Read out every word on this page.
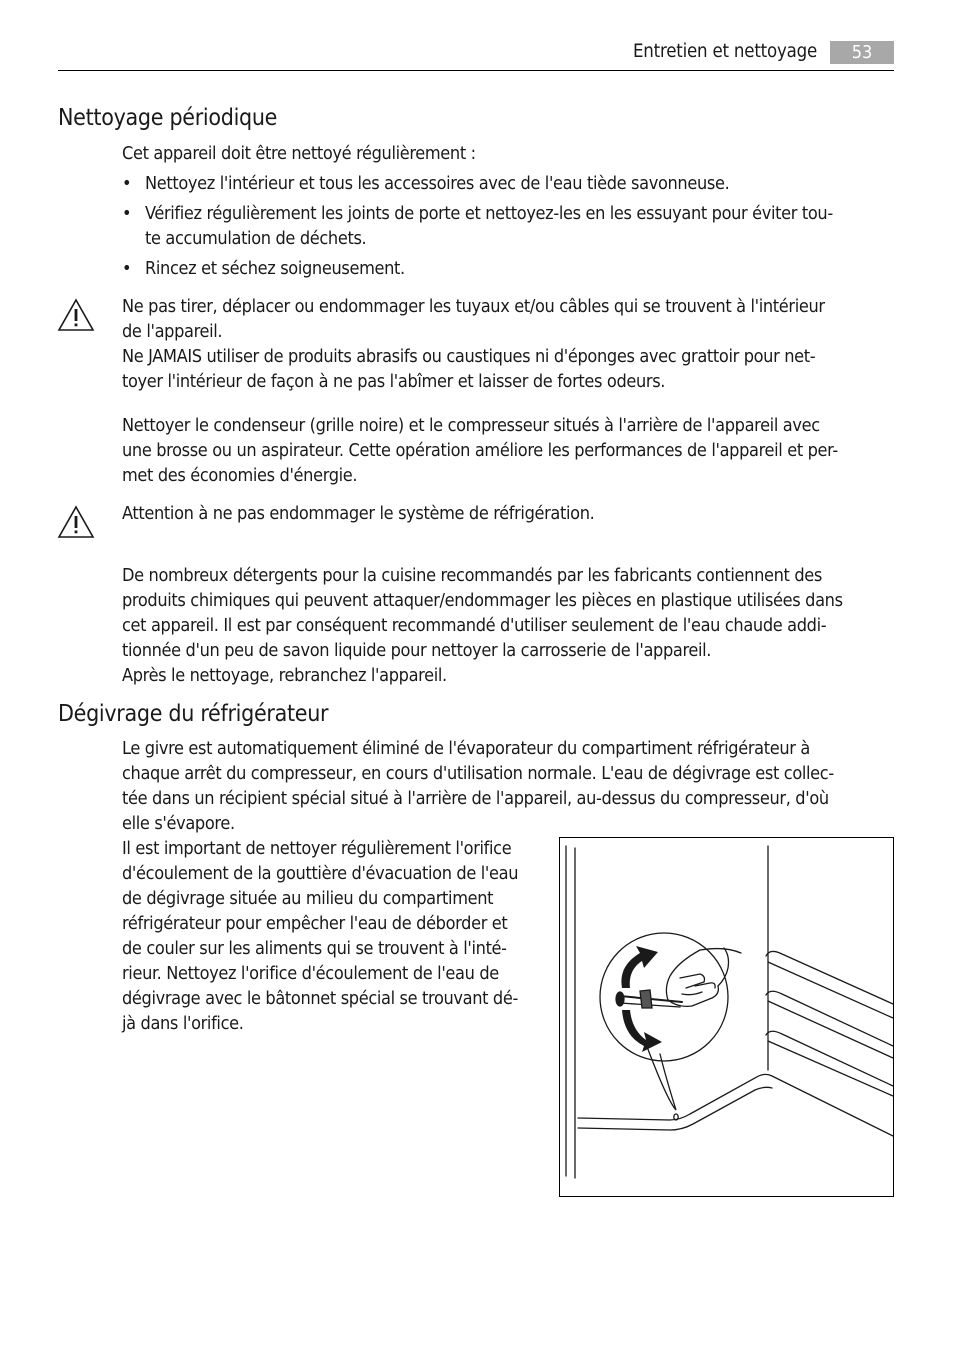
Entretien et nettoyage	53
Nettoyage périodique
Cet appareil doit être nettoyé régulièrement :
• Nettoyez l'intérieur et tous les accessoires avec de l'eau tiède savonneuse.
• Vérifiez régulièrement les joints de porte et nettoyez-les en les essuyant pour éviter tou-
te accumulation de déchets.
• Rincez et séchez soigneusement.
Ne pas tirer, déplacer ou endommager les tuyaux et/ou câbles qui se trouvent à l'intérieur
de l'appareil.
Ne JAMAIS utiliser de produits abrasifs ou caustiques ni d'éponges avec grattoir pour net-
toyer l'intérieur de façon à ne pas l'abîmer et laisser de fortes odeurs.
Nettoyer le condenseur (grille noire) et le compresseur situés à l'arrière de l'appareil avec
une brosse ou un aspirateur. Cette opération améliore les performances de l'appareil et per-
met des économies d'énergie.
Attention à ne pas endommager le système de réfrigération.
De nombreux détergents pour la cuisine recommandés par les fabricants contiennent des
produits chimiques qui peuvent attaquer/endommager les pièces en plastique utilisées dans
cet appareil. Il est par conséquent recommandé d'utiliser seulement de l'eau chaude addi-
tionnée d'un peu de savon liquide pour nettoyer la carrosserie de l'appareil.
Après le nettoyage, rebranchez l'appareil.
Dégivrage du réfrigérateur
Le givre est automatiquement éliminé de l'évaporateur du compartiment réfrigérateur à
chaque arrêt du compresseur, en cours d'utilisation normale. L'eau de dégivrage est collec-
tée dans un récipient spécial situé à l'arrière de l'appareil, au-dessus du compresseur, d'où
elle s'évapore.
Il est important de nettoyer régulièrement l'orifice
d'écoulement de la gouttière d'évacuation de l'eau
de dégivrage située au milieu du compartiment
réfrigérateur pour empêcher l'eau de déborder et
de couler sur les aliments qui se trouvent à l'inté-
rieur. Nettoyez l'orifice d'écoulement de l'eau de
dégivrage avec le bâtonnet spécial se trouvant dé-
jà dans l'orifice.
